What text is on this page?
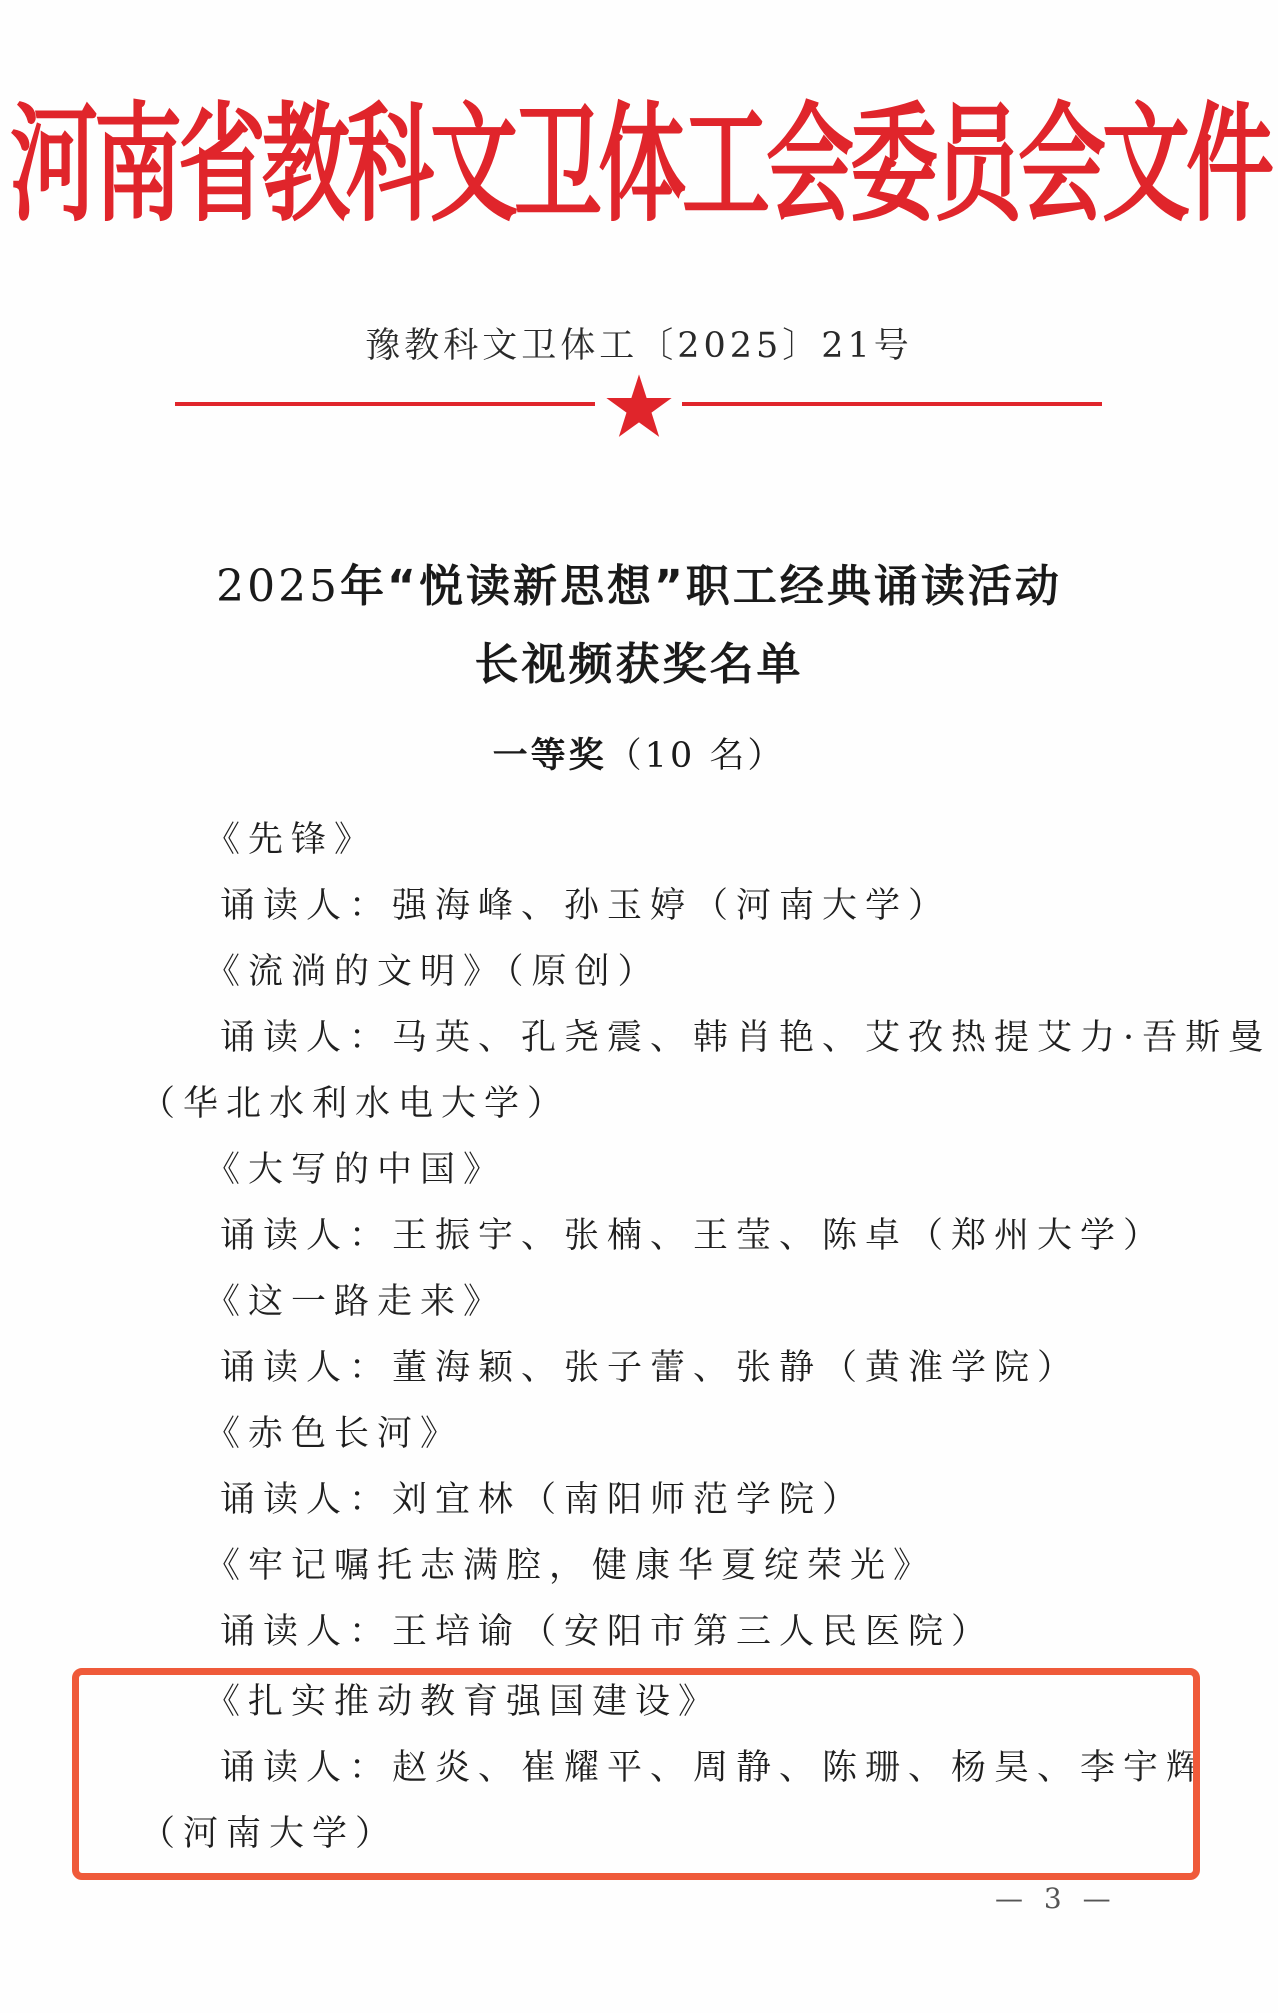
河南省教科文卫体工会委员会文件
豫教科文卫体工〔2025〕21号
2025年“悦读新思想”职工经典诵读活动
长视频获奖名单
一等奖（10 名）
《先锋》
诵读人：强海峰、孙玉婷（河南大学）
《流淌的文明》（原创）
诵读人：马英、孔尧震、韩肖艳、艾孜热提艾力·吾斯曼
（华北水利水电大学）
《大写的中国》
诵读人：王振宇、张楠、王莹、陈卓（郑州大学）
《这一路走来》
诵读人：董海颖、张子蕾、张静（黄淮学院）
《赤色长河》
诵读人：刘宜林（南阳师范学院）
《牢记嘱托志满腔，健康华夏绽荣光》
诵读人：王培谕（安阳市第三人民医院）
《扎实推动教育强国建设》
诵读人：赵炎、崔耀平、周静、陈珊、杨昊、李宇辉
（河南大学）
— 3 —
